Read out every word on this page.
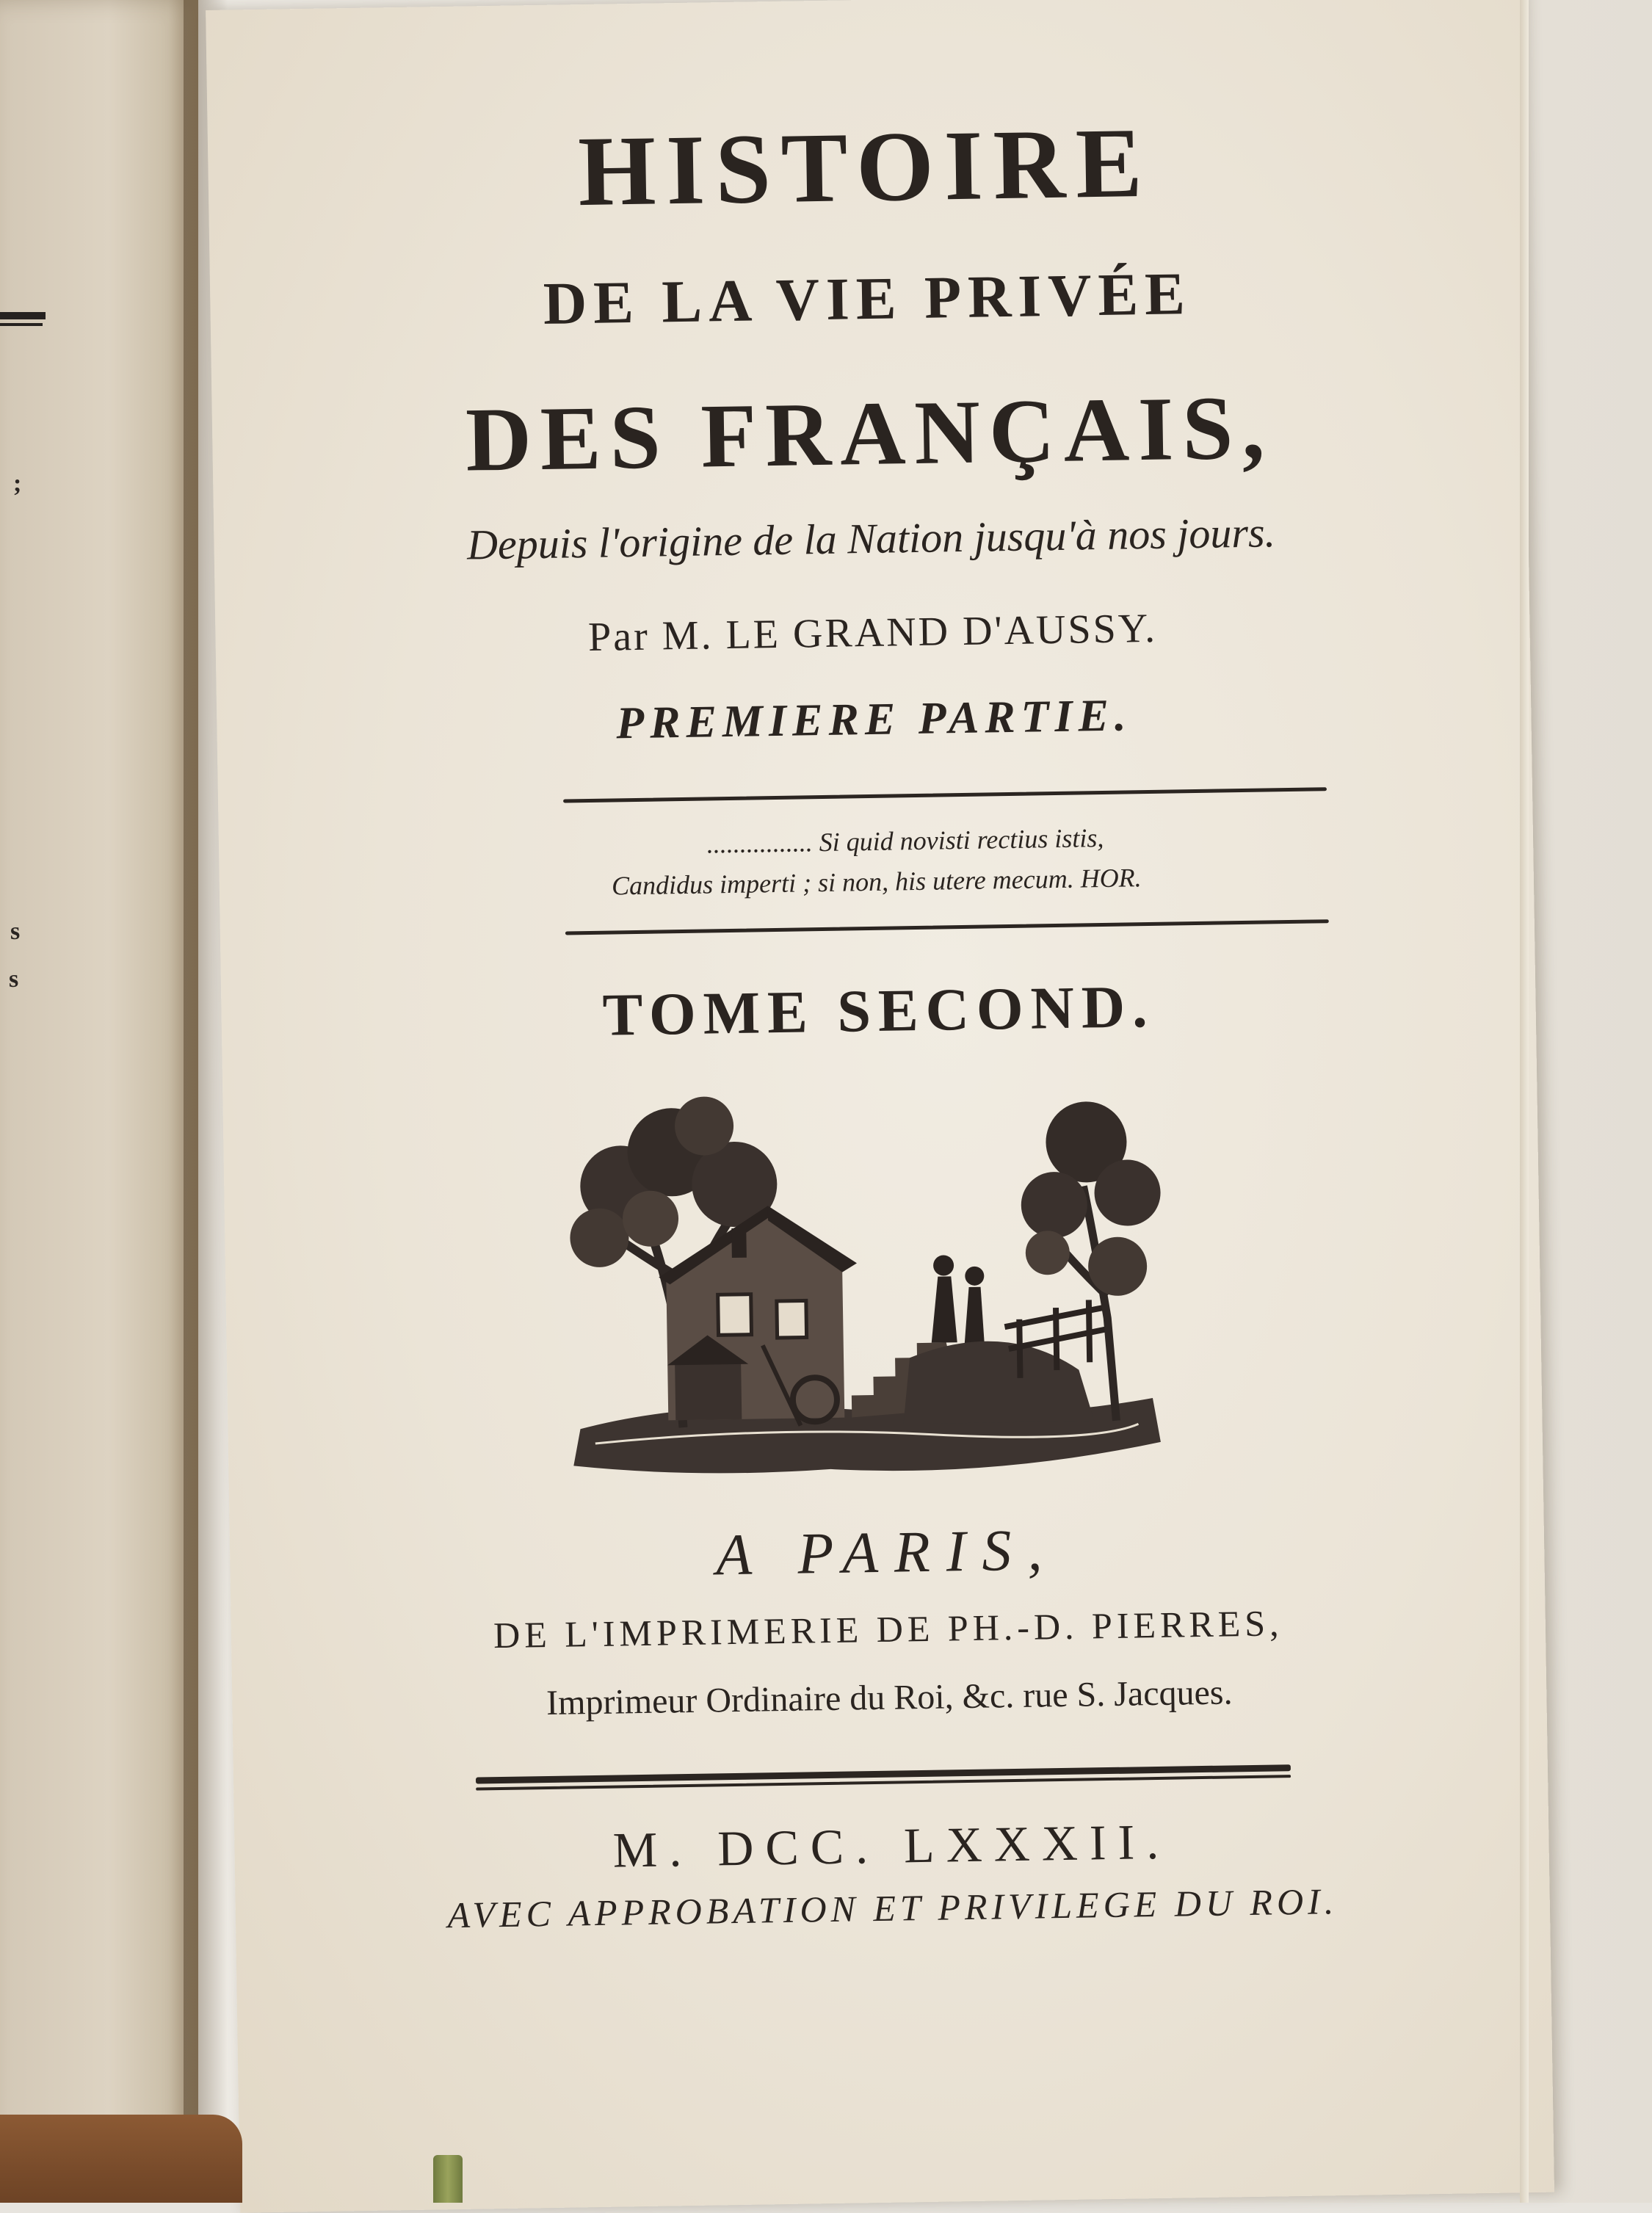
;
s
s
HISTOIRE
DE LA VIE PRIVÉE
DES FRANÇAIS,
Depuis l'origine de la Nation jusqu'à nos jours.
Par M. LE GRAND D'AUSSY.
PREMIERE PARTIE.
................ Si quid novisti rectius istis,
Candidus imperti ; si non, his utere mecum. HOR.
TOME SECOND.
A PARIS,
DE L'IMPRIMERIE DE PH.-D. PIERRES,
Imprimeur Ordinaire du Roi, &c. rue S. Jacques.
M. DCC. LXXXII.
AVEC APPROBATION ET PRIVILEGE DU ROI.
